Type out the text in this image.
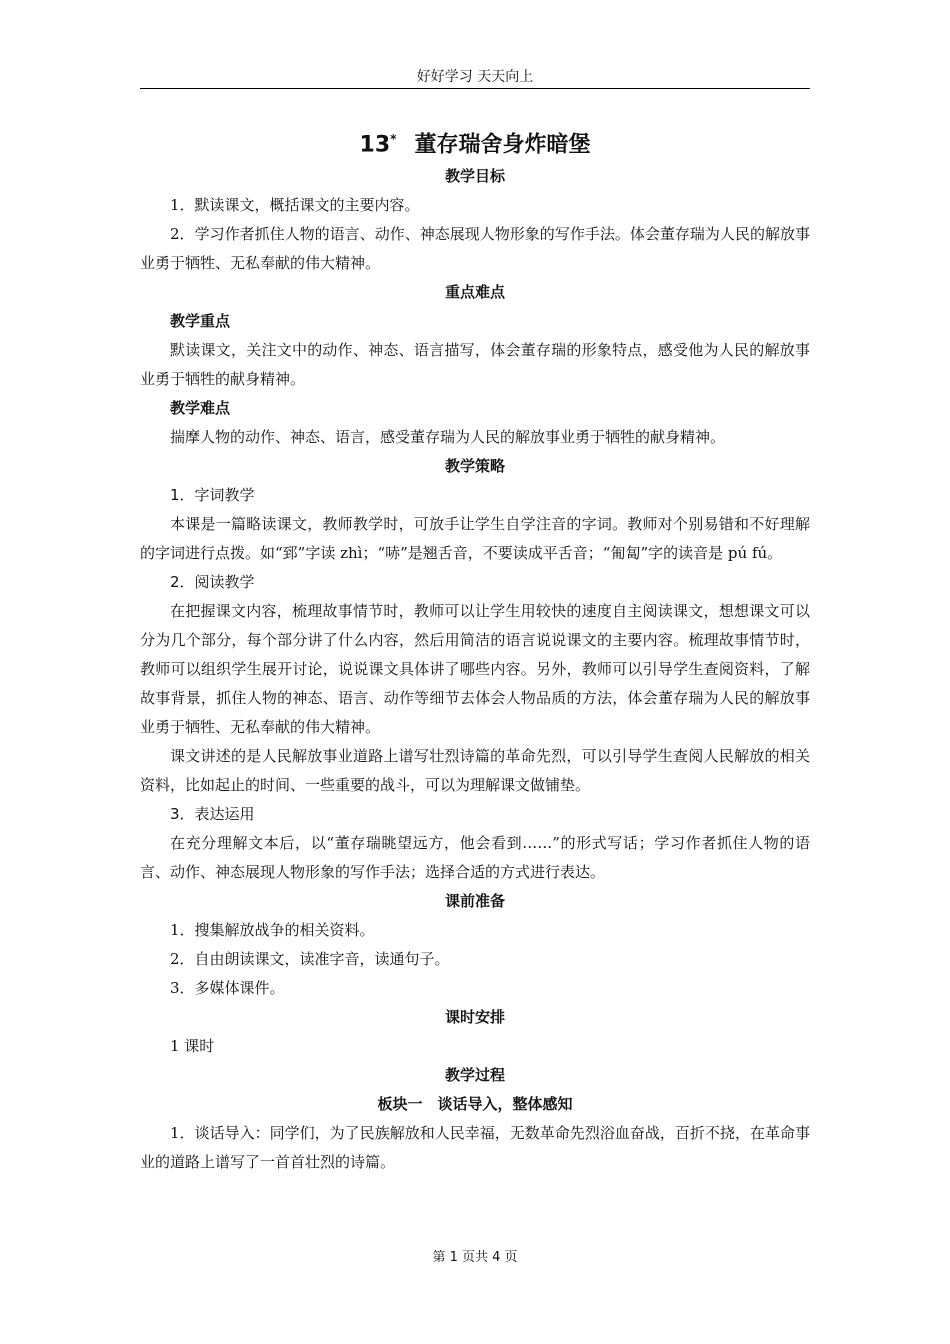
好好学习 天天向上
13* 董存瑞舍身炸暗堡

教学目标

1．默读课文，概括课文的主要内容。

2．学习作者抓住人物的语言、动作、神态展现人物形象的写作手法。体会董存瑞为人民的解放事业勇于牺牲、无私奉献的伟大精神。

重点难点

教学重点

默读课文，关注文中的动作、神态、语言描写，体会董存瑞的形象特点，感受他为人民的解放事业勇于牺牲的献身精神。

教学难点

揣摩人物的动作、神态、语言，感受董存瑞为人民的解放事业勇于牺牲的献身精神。

教学策略

1．字词教学

本课是一篇略读课文，教师教学时，可放手让学生自学注音的字词。教师对个别易错和不好理解的字词进行点拨。如“郅”字读 zhì；“哧”是翘舌音，不要读成平舌音；“匍匐”字的读音是 pú fú。

2．阅读教学

在把握课文内容，梳理故事情节时，教师可以让学生用较快的速度自主阅读课文，想想课文可以分为几个部分，每个部分讲了什么内容，然后用简洁的语言说说课文的主要内容。梳理故事情节时，教师可以组织学生展开讨论，说说课文具体讲了哪些内容。另外，教师可以引导学生查阅资料，了解故事背景，抓住人物的神态、语言、动作等细节去体会人物品质的方法，体会董存瑞为人民的解放事业勇于牺牲、无私奉献的伟大精神。

课文讲述的是人民解放事业道路上谱写壮烈诗篇的革命先烈，可以引导学生查阅人民解放的相关资料，比如起止的时间、一些重要的战斗，可以为理解课文做铺垫。

3．表达运用

在充分理解文本后，以“董存瑞眺望远方，他会看到……”的形式写话；学习作者抓住人物的语言、动作、神态展现人物形象的写作手法；选择合适的方式进行表达。

课前准备

1．搜集解放战争的相关资料。

2．自由朗读课文，读准字音，读通句子。

3．多媒体课件。

课时安排

1 课时

教学过程

板块一　谈话导入，整体感知

1．谈话导入：同学们，为了民族解放和人民幸福，无数革命先烈浴血奋战，百折不挠，在革命事业的道路上谱写了一首首壮烈的诗篇。

第 1 页共 4 页
